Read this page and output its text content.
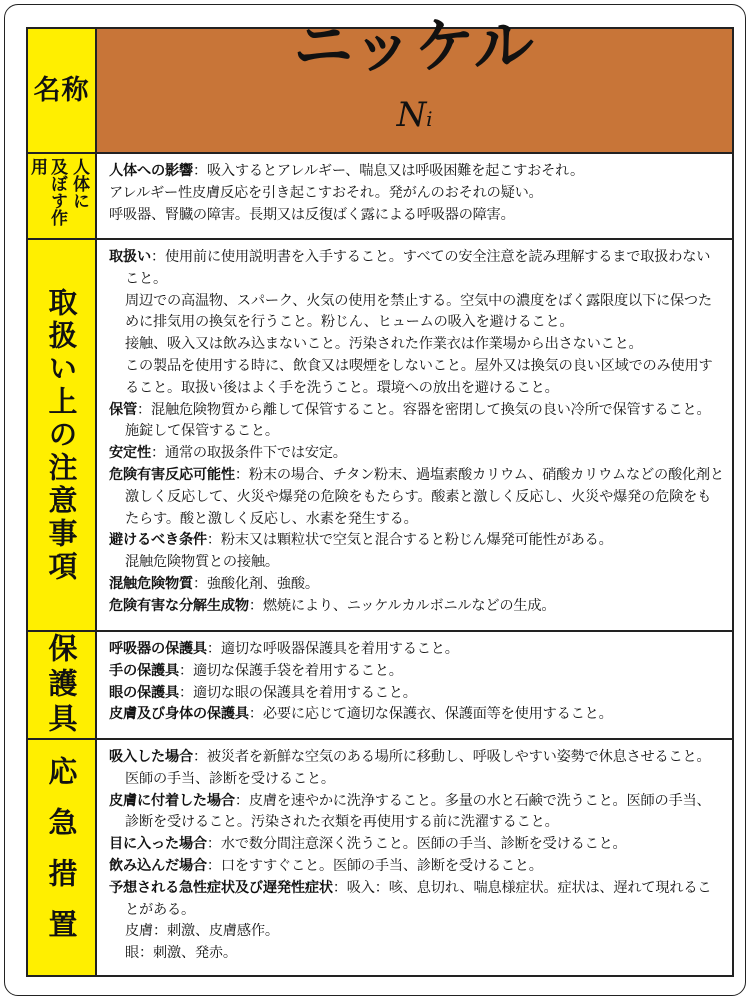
名称
ニッケル
Ni
人体に
及ぼす作用	人体への影響：吸入するとアレルギー、喘息又は呼吸困難を起こすおそれ。

アレルギー性皮膚反応を引き起こすおそれ。発がんのおそれの疑い。

呼吸器、腎臓の障害。長期又は反復ばく露による呼吸器の障害。

取扱い上の注意事項

取扱い：使用前に使用説明書を入手すること。すべての安全注意を読み理解するまで取扱わないこと。

周辺での高温物、スパーク、火気の使用を禁止する。空気中の濃度をばく露限度以下に保つために排気用の換気を行うこと。粉じん、ヒュームの吸入を避けること。

接触、吸入又は飲み込まないこと。汚染された作業衣は作業場から出さないこと。

この製品を使用する時に、飲食又は喫煙をしないこと。屋外又は換気の良い区域でのみ使用すること。取扱い後はよく手を洗うこと。環境への放出を避けること。

保管：混触危険物質から離して保管すること。容器を密閉して換気の良い冷所で保管すること。施錠して保管すること。

安定性：通常の取扱条件下では安定。

危険有害反応可能性：粉末の場合、チタン粉末、過塩素酸カリウム、硝酸カリウムなどの酸化剤と激しく反応して、火災や爆発の危険をもたらす。酸素と激しく反応し、火災や爆発の危険をもたらす。酸と激しく反応し、水素を発生する。

避けるべき条件：粉末又は顆粒状で空気と混合すると粉じん爆発可能性がある。

混触危険物質との接触。

混触危険物質：強酸化剤、強酸。

危険有害な分解生成物：燃焼により、ニッケルカルボニルなどの生成。

保護具 呼吸器の保護具：適切な呼吸器保護具を着用すること。

手の保護具：適切な保護手袋を着用すること。

眼の保護具：適切な眼の保護具を着用すること。

皮膚及び身体の保護具：必要に応じて適切な保護衣、保護面等を使用すること。

応急措置 吸入した場合：被災者を新鮮な空気のある場所に移動し、呼吸しやすい姿勢で休息させること。医師の手当、診断を受けること。

皮膚に付着した場合：皮膚を速やかに洗浄すること。多量の水と石鹸で洗うこと。医師の手当、診断を受けること。汚染された衣類を再使用する前に洗濯すること。

目に入った場合：水で数分間注意深く洗うこと。医師の手当、診断を受けること。

飲み込んだ場合：口をすすぐこと。医師の手当、診断を受けること。

予想される急性症状及び遅発性症状：吸入：咳、息切れ、喘息様症状。症状は、遅れて現れることがある。

皮膚：刺激、皮膚感作。

眼：刺激、発赤。
